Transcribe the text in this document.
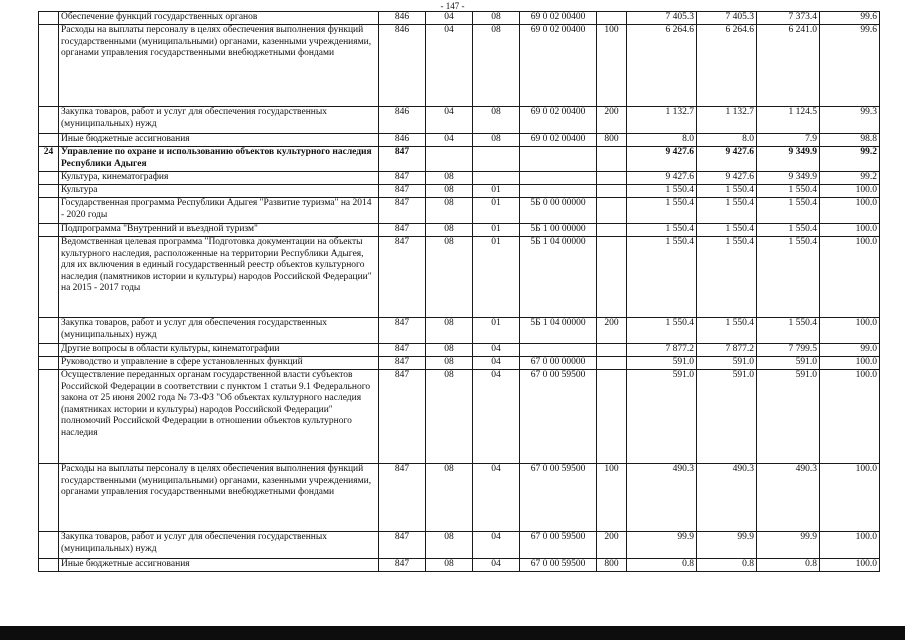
- 147 -
	Обеспечение функций государственных органов	846	04	08	69 0 02 00400		7 405.3	7 405.3	7 373.4	99.6
	Расходы на выплаты персоналу в целях обеспечения выполнения функций государственными (муниципальными) органами, казенными учреждениями, органами управления государственными внебюджетными фондами	846	04	08	69 0 02 00400	100	6 264.6	6 264.6	6 241.0	99.6
	Закупка товаров, работ и услуг для обеспечения государственных (муниципальных) нужд	846	04	08	69 0 02 00400	200	1 132.7	1 132.7	1 124.5	99.3
	Иные бюджетные ассигнования	846	04	08	69 0 02 00400	800	8.0	8.0	7.9	98.8
24	Управление по охране и использованию объектов культурного наследия Республики Адыгея	847					9 427.6	9 427.6	9 349.9	99.2
	Культура, кинематография	847	08				9 427.6	9 427.6	9 349.9	99.2
	Культура	847	08	01			1 550.4	1 550.4	1 550.4	100.0
	Государственная программа Республики Адыгея "Развитие туризма" на 2014 - 2020 годы	847	08	01	5Б 0 00 00000		1 550.4	1 550.4	1 550.4	100.0
	Подпрограмма "Внутренний и въездной туризм"	847	08	01	5Б 1 00 00000		1 550.4	1 550.4	1 550.4	100.0
	Ведомственная целевая программа "Подготовка документации на объекты культурного наследия, расположенные на территории Республики Адыгея, для их включения в единый государственный реестр объектов культурного наследия (памятников истории и культуры) народов Российской Федерации" на 2015 - 2017 годы	847	08	01	5Б 1 04 00000		1 550.4	1 550.4	1 550.4	100.0
	Закупка товаров, работ и услуг для обеспечения государственных (муниципальных) нужд	847	08	01	5Б 1 04 00000	200	1 550.4	1 550.4	1 550.4	100.0
	Другие вопросы в области культуры, кинематографии	847	08	04			7 877.2	7 877.2	7 799.5	99.0
	Руководство и управление в сфере установленных функций	847	08	04	67 0 00 00000		591.0	591.0	591.0	100.0
	Осуществление переданных органам государственной власти субъектов Российской Федерации в соответствии с пунктом 1 статьи 9.1 Федерального закона от 25 июня 2002 года № 73-ФЗ "Об объектах культурного наследия (памятниках истории и культуры) народов Российской Федерации" полномочий Российской Федерации в отношении объектов культурного наследия	847	08	04	67 0 00 59500		591.0	591.0	591.0	100.0
	Расходы на выплаты персоналу в целях обеспечения выполнения функций государственными (муниципальными) органами, казенными учреждениями, органами управления государственными внебюджетными фондами	847	08	04	67 0 00 59500	100	490.3	490.3	490.3	100.0
	Закупка товаров, работ и услуг для обеспечения государственных (муниципальных) нужд	847	08	04	67 0 00 59500	200	99.9	99.9	99.9	100.0
	Иные бюджетные ассигнования	847	08	04	67 0 00 59500	800	0.8	0.8	0.8	100.0
